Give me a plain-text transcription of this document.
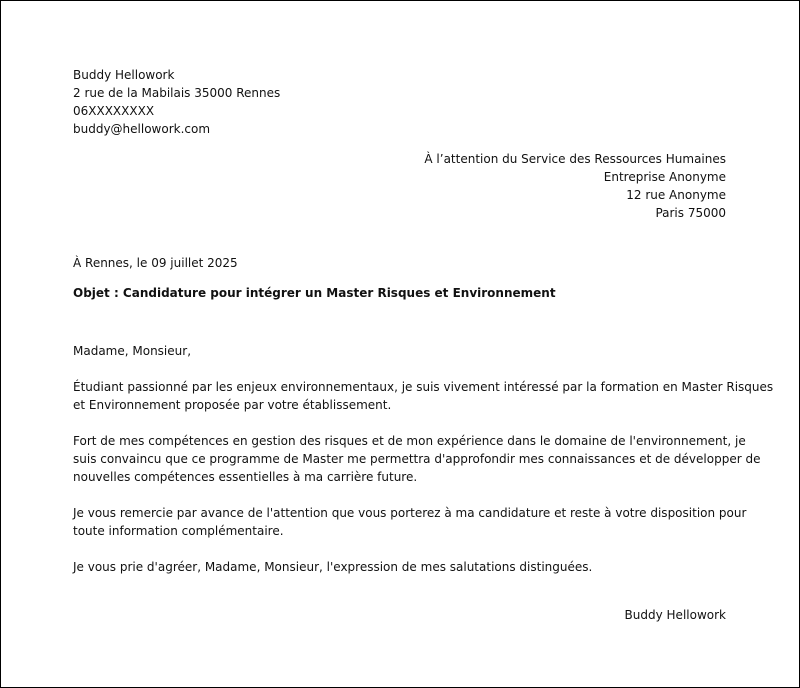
Buddy Hellowork
2 rue de la Mabilais 35000 Rennes
06XXXXXXXX
buddy@hellowork.com
À l’attention du Service des Ressources Humaines
Entreprise Anonyme
12 rue Anonyme
Paris 75000
À Rennes, le 09 juillet 2025
Objet : Candidature pour intégrer un Master Risques et Environnement

Madame, Monsieur,

Étudiant passionné par les enjeux environnementaux, je suis vivement intéressé par la formation en Master Risques
et Environnement proposée par votre établissement.

Fort de mes compétences en gestion des risques et de mon expérience dans le domaine de l'environnement, je
suis convaincu que ce programme de Master me permettra d'approfondir mes connaissances et de développer de
nouvelles compétences essentielles à ma carrière future.

Je vous remercie par avance de l'attention que vous porterez à ma candidature et reste à votre disposition pour
toute information complémentaire.

Je vous prie d'agréer, Madame, Monsieur, l'expression de mes salutations distinguées.

Buddy Hellowork
